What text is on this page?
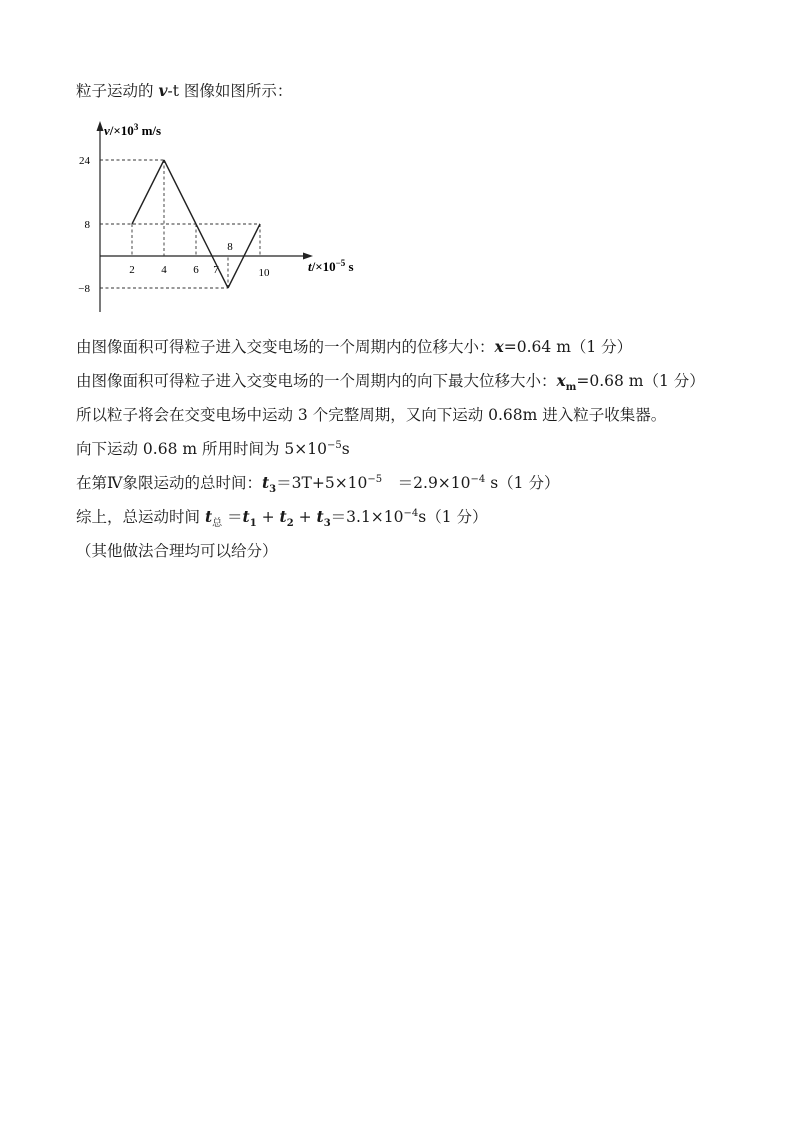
粒子运动的 v-t 图像如图所示：
$v/\times 10^3$ m/s
$t/\times 10^{-5}$ s
24
8
−8
2 4 6 7
8
10
由图像面积可得粒子进入交变电场的一个周期内的位移大小：x=0.64 m（1 分）
由图像面积可得粒子进入交变电场的一个周期内的向下最大位移大小：$x_m=0.68$ m（1 分）
所以粒子将会在交变电场中运动 3 个完整周期，又向下运动 0.68m 进入粒子收集器。
向下运动 0.68 m 所用时间为 $5\times 10^{-5}s$
在第Ⅳ象限运动的总时间：$t_3=3T+5\times 10^{-5}$　$=2.9\times 10^{-4}$ s（1 分）
综上，总运动时间 $t_总 =t_1 + t_2 + t_3=3.1\times 10^{-4}s(1$ 分）
（其他做法合理均可以给分）
